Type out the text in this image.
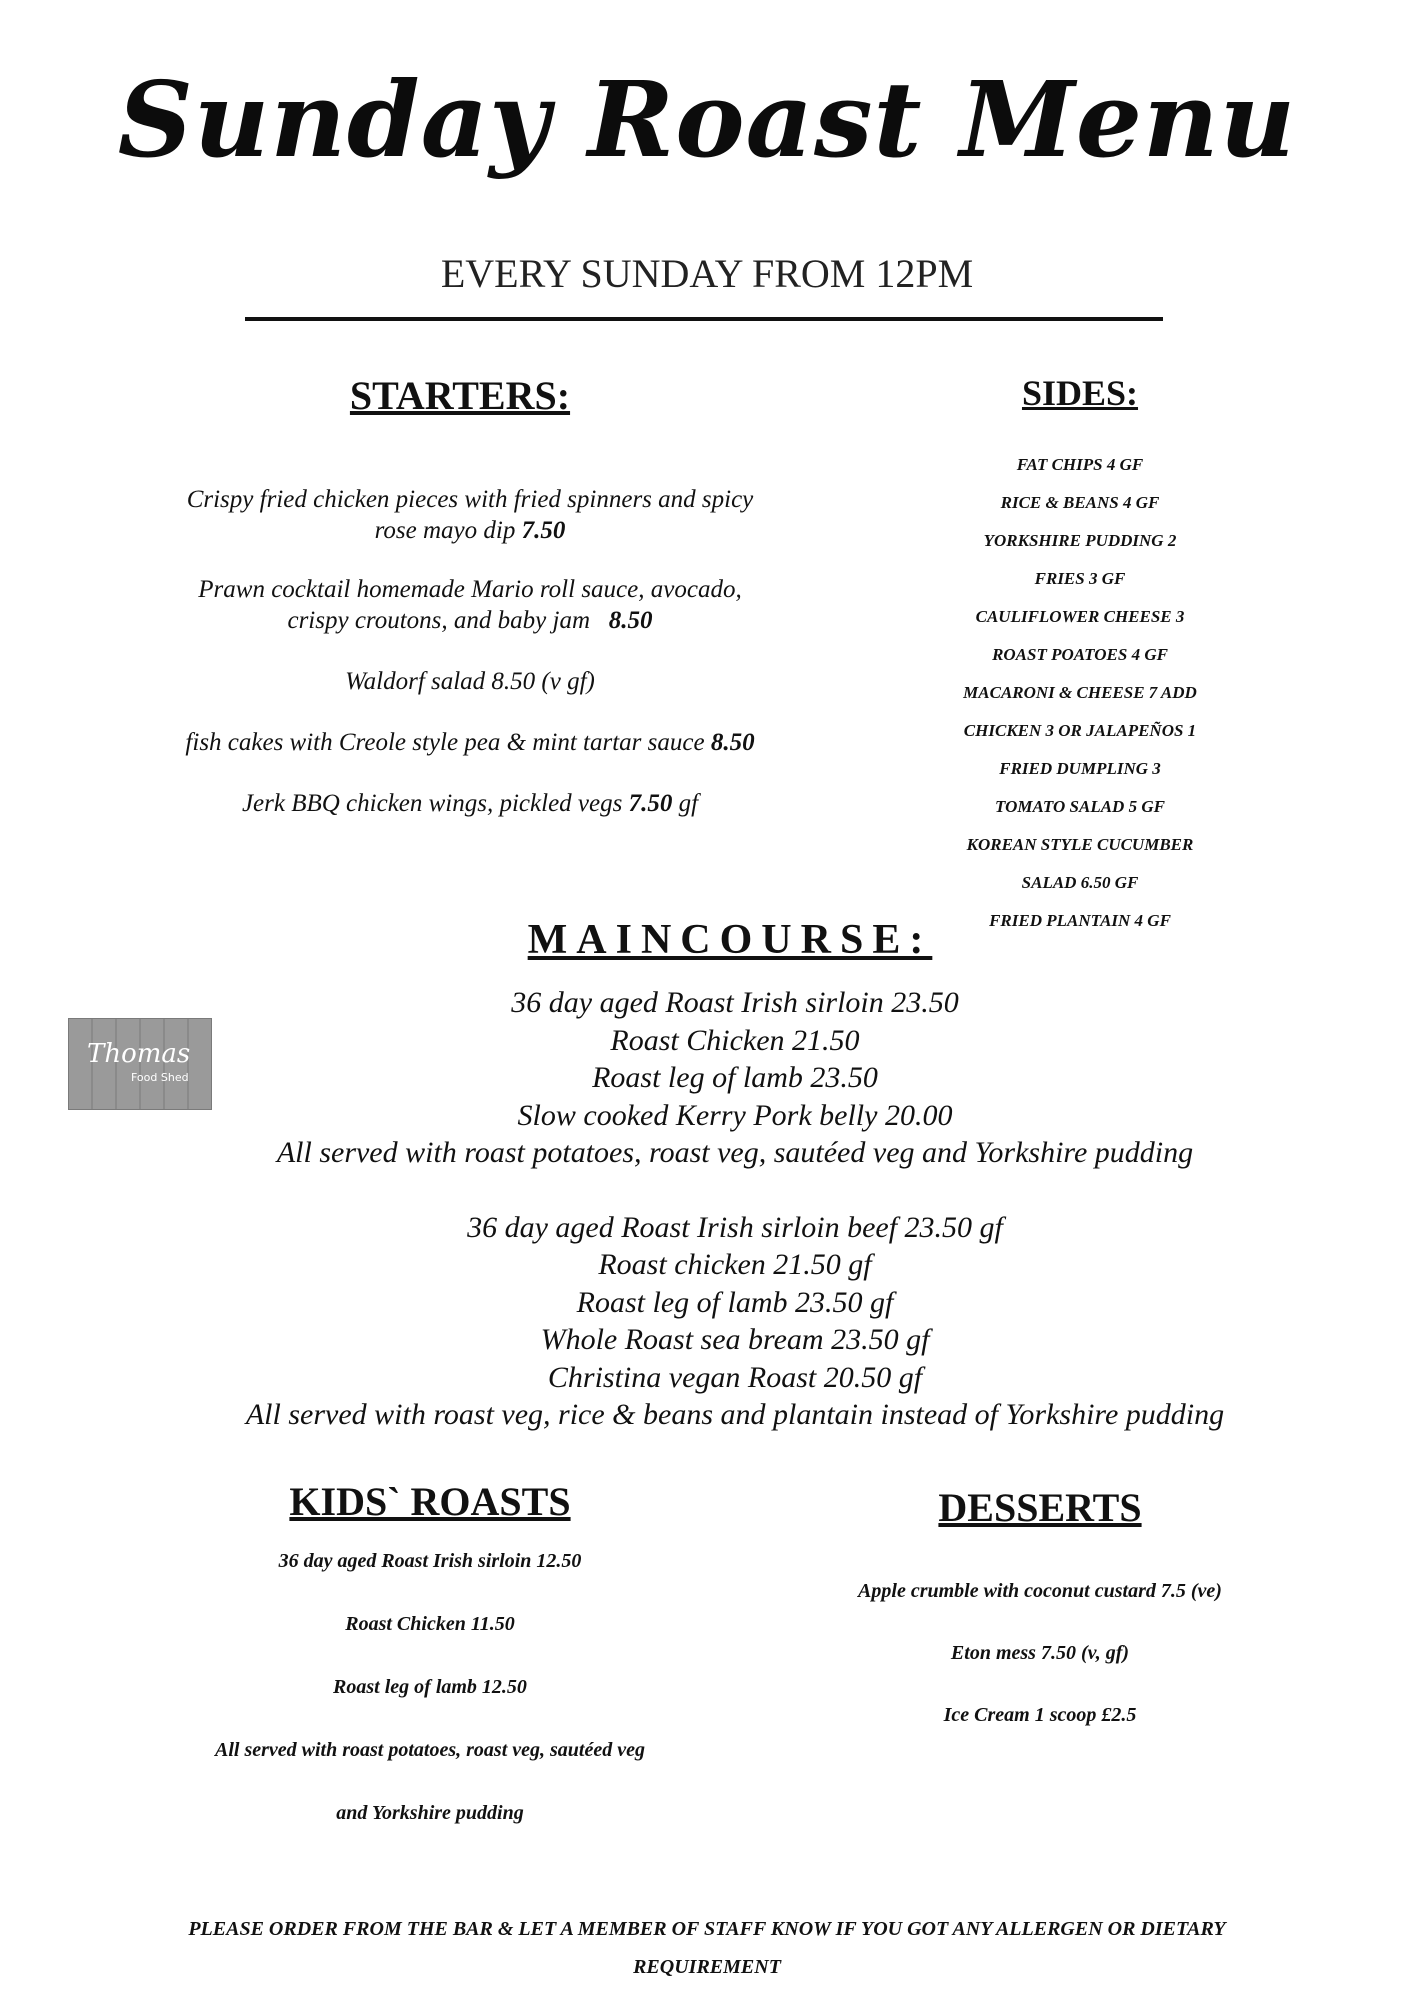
Sunday Roast Menu
EVERY SUNDAY FROM 12PM
STARTERS:
Crispy fried chicken pieces with fried spinners and spicy
rose mayo dip 7.50
Prawn cocktail homemade Mario roll sauce, avocado,
crispy croutons, and baby jam 8.50
Waldorf salad 8.50 (v gf)
fish cakes with Creole style pea & mint tartar sauce 8.50
Jerk BBQ chicken wings, pickled vegs 7.50 gf
SIDES:
FAT CHIPS 4 GF
RICE & BEANS 4 GF
YORKSHIRE PUDDING 2
FRIES 3 GF
CAULIFLOWER CHEESE 3
ROAST POATOES 4 GF
MACARONI & CHEESE 7 ADD
CHICKEN 3 OR JALAPEÑOS 1
FRIED DUMPLING 3
TOMATO SALAD 5 GF
KOREAN STYLE CUCUMBER
SALAD 6.50 GF
FRIED PLANTAIN 4 GF
Thomas
Food Shed
MAINCOURSE:
36 day aged Roast Irish sirloin 23.50
Roast Chicken 21.50
Roast leg of lamb 23.50
Slow cooked Kerry Pork belly 20.00
All served with roast potatoes, roast veg, sautéed veg and Yorkshire pudding
36 day aged Roast Irish sirloin beef 23.50 gf
Roast chicken 21.50 gf
Roast leg of lamb 23.50 gf
Whole Roast sea bream 23.50 gf
Christina vegan Roast 20.50 gf
All served with roast veg, rice & beans and plantain instead of Yorkshire pudding
KIDS` ROASTS
36 day aged Roast Irish sirloin 12.50
Roast Chicken 11.50
Roast leg of lamb 12.50
All served with roast potatoes, roast veg, sautéed veg
and Yorkshire pudding
DESSERTS
Apple crumble with coconut custard 7.5 (ve)
Eton mess 7.50 (v, gf)
Ice Cream 1 scoop £2.5
PLEASE ORDER FROM THE BAR & LET A MEMBER OF STAFF KNOW IF YOU GOT ANY ALLERGEN OR DIETARY
REQUIREMENT
